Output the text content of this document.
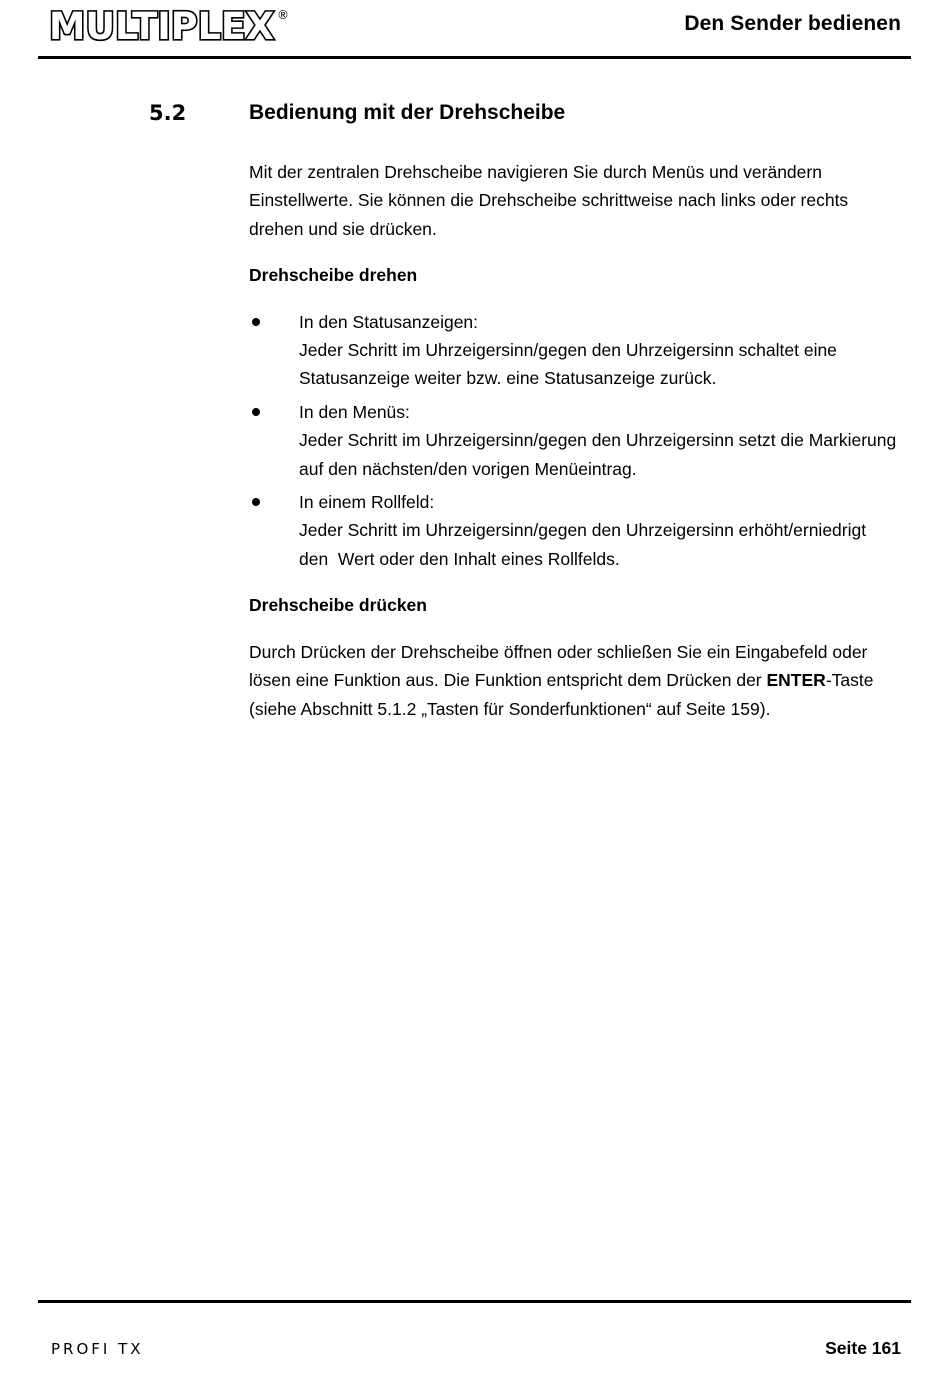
MULTIPLEX ®	Den Sender bedienen
5.2	Bedienung mit der Drehscheibe

Mit der zentralen Drehscheibe navigieren Sie durch Menüs und verändern Einstellwerte. Sie können die Drehscheibe schrittweise nach links oder rechts drehen und sie drücken.

Drehscheibe drehen

In den Statusanzeigen:
Jeder Schritt im Uhrzeigersinn/gegen den Uhrzeigersinn schaltet eine Statusanzeige weiter bzw. eine Statusanzeige zurück.
In den Menüs:
Jeder Schritt im Uhrzeigersinn/gegen den Uhrzeigersinn setzt die Markierung auf den nächsten/den vorigen Menüeintrag.
In einem Rollfeld:
Jeder Schritt im Uhrzeigersinn/gegen den Uhrzeigersinn erhöht/erniedrigt den  Wert oder den Inhalt eines Rollfelds.

Drehscheibe drücken

Durch Drücken der Drehscheibe öffnen oder schließen Sie ein Eingabefeld oder lösen eine Funktion aus. Die Funktion entspricht dem Drücken der ENTER-Taste (siehe Abschnitt 5.1.2 „Tasten für Sonderfunktionen“ auf Seite 159).

PROFI TX	Seite 161
